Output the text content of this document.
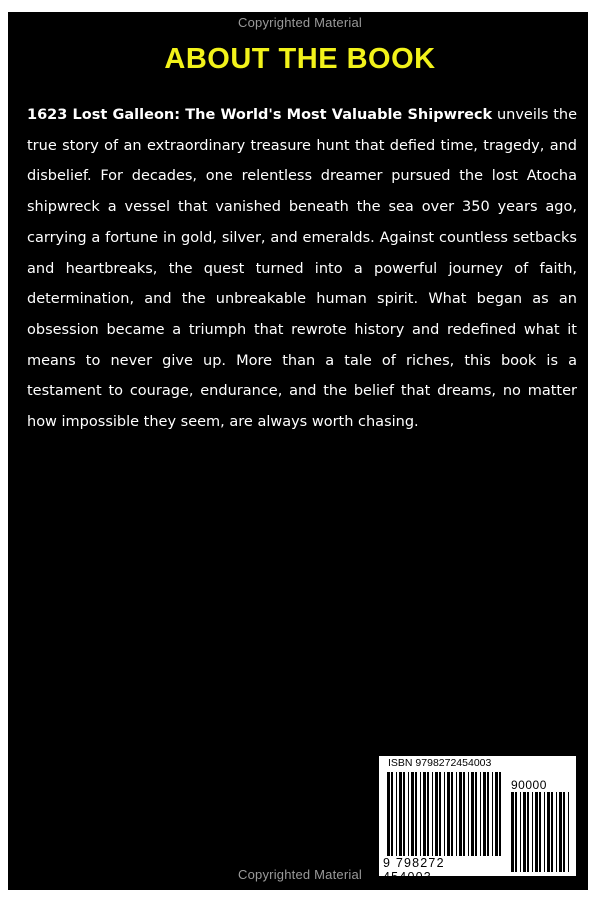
Copyrighted Material
ABOUT THE BOOK

1623 Lost Galleon: The World's Most Valuable Shipwreck unveils the true story of an extraordinary treasure hunt that defied time, tragedy, and disbelief. For decades, one relentless dreamer pursued the lost Atocha shipwreck a vessel that vanished beneath the sea over 350 years ago, carrying a fortune in gold, silver, and emeralds. Against countless setbacks and heartbreaks, the quest turned into a powerful journey of faith, determination, and the unbreakable human spirit. What began as an obsession became a triumph that rewrote history and redefined what it means to never give up. More than a tale of riches, this book is a testament to courage, endurance, and the belief that dreams, no matter how impossible they seem, are always worth chasing.

ISBN 9798272454003
90000
9 798272 454003
Copyrighted Material
